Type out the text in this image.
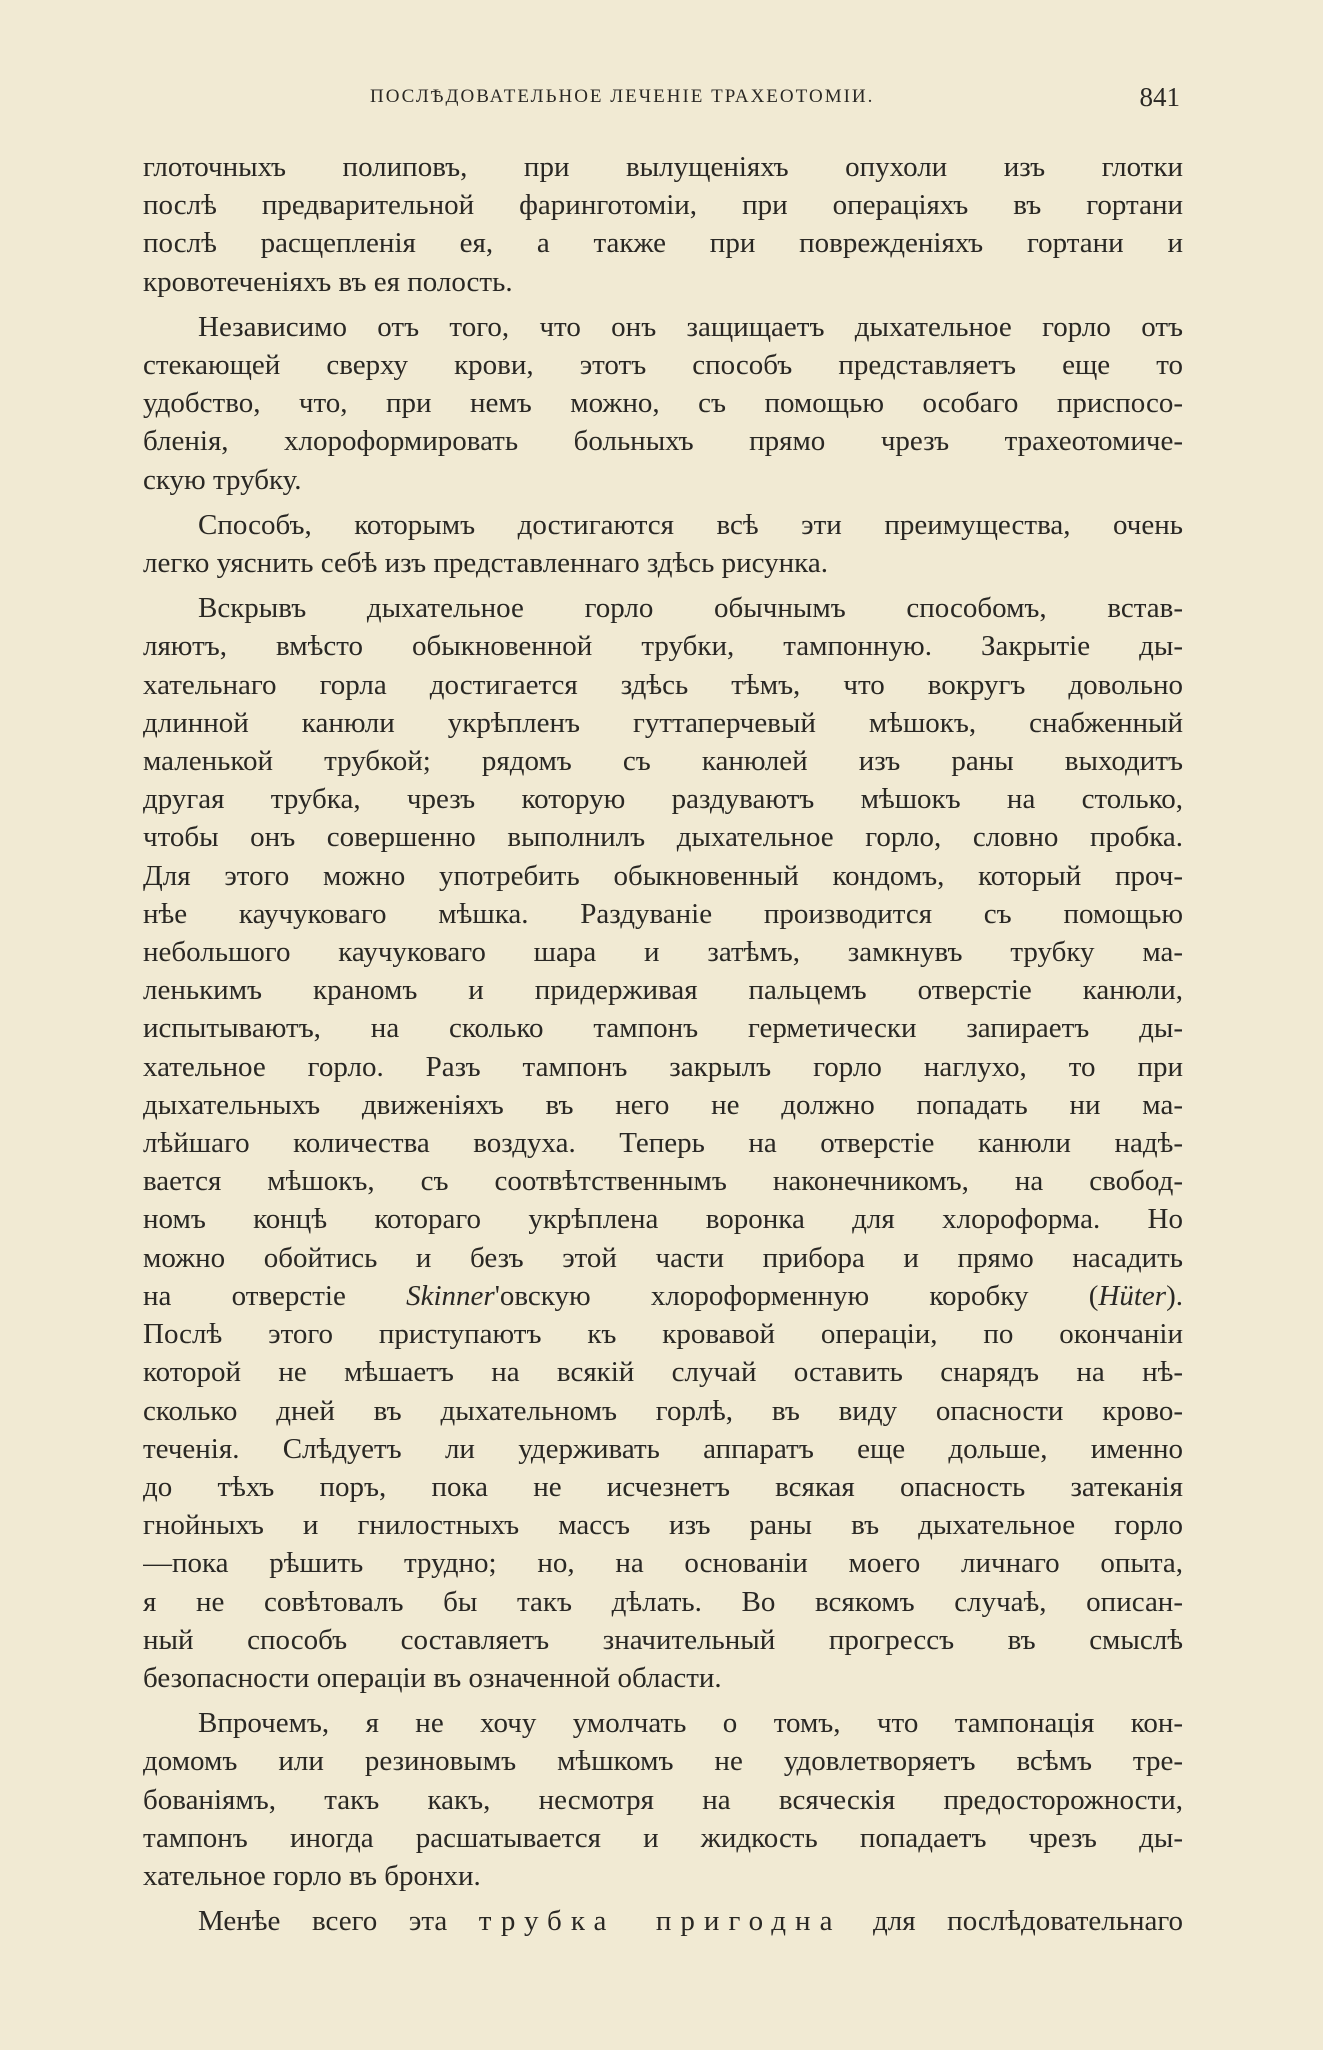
ПОСЛѢДОВАТЕЛЬНОЕ ЛЕЧЕНІЕ ТРАХЕОТОМІИ.	841

глоточныхъ полиповъ, при вылущеніяхъ опухоли изъ глотки
послѣ предварительной фаринготоміи, при операціяхъ въ гортани
послѣ расщепленія ея, а также при поврежденіяхъ гортани и
кровотеченіяхъ въ ея полость.

Независимо отъ того, что онъ защищаетъ дыхательное горло отъ
стекающей сверху крови, этотъ способъ представляетъ еще то
удобство, что, при немъ можно, съ помощью особаго приспосо-
бленія, хлороформировать больныхъ прямо чрезъ трахеотомиче-
скую трубку.

Способъ, которымъ достигаются всѣ эти преимущества, очень
легко уяснить себѣ изъ представленнаго здѣсь рисунка.

Вскрывъ дыхательное горло обычнымъ способомъ, встав-
ляютъ, вмѣсто обыкновенной трубки, тампонную. Закрытіе ды-
хательнаго горла достигается здѣсь тѣмъ, что вокругъ довольно
длинной канюли укрѣпленъ гуттаперчевый мѣшокъ, снабженный
маленькой трубкой; рядомъ съ канюлей изъ раны выходитъ
другая трубка, чрезъ которую раздуваютъ мѣшокъ на столько,
чтобы онъ совершенно выполнилъ дыхательное горло, словно пробка.
Для этого можно употребить обыкновенный кондомъ, который проч-
нѣе каучуковаго мѣшка. Раздуваніе производится съ помощью
небольшого каучуковаго шара и затѣмъ, замкнувъ трубку ма-
ленькимъ краномъ и придерживая пальцемъ отверстіе канюли,
испытываютъ, на сколько тампонъ герметически запираетъ ды-
хательное горло. Разъ тампонъ закрылъ горло наглухо, то при
дыхательныхъ движеніяхъ въ него не должно попадать ни ма-
лѣйшаго количества воздуха. Теперь на отверстіе канюли надѣ-
вается мѣшокъ, съ соотвѣтственнымъ наконечникомъ, на свобод-
номъ концѣ котораго укрѣплена воронка для хлороформа. Но
можно обойтись и безъ этой части прибора и прямо насадить
на отверстіе Skinner'овскую хлороформенную коробку (Hüter).
Послѣ этого приступаютъ къ кровавой операціи, по окончаніи
которой не мѣшаетъ на всякій случай оставить снарядъ на нѣ-
сколько дней въ дыхательномъ горлѣ, въ виду опасности крово-
теченія. Слѣдуетъ ли удерживать аппаратъ еще дольше, именно
до тѣхъ поръ, пока не исчезнетъ всякая опасность затеканія
гнойныхъ и гнилостныхъ массъ изъ раны въ дыхательное горло
—пока рѣшить трудно; но, на основаніи моего личнаго опыта,
я не совѣтовалъ бы такъ дѣлать. Во всякомъ случаѣ, описан-
ный способъ составляетъ значительный прогрессъ въ смыслѣ
безопасности операціи въ означенной области.

Впрочемъ, я не хочу умолчать о томъ, что тампонація кон-
домомъ или резиновымъ мѣшкомъ не удовлетворяетъ всѣмъ тре-
бованіямъ, такъ какъ, несмотря на всяческія предосторожности,
тампонъ иногда расшатывается и жидкость попадаетъ чрезъ ды-
хательное горло въ бронхи.

Менѣе всего эта трубка пригодна для послѣдовательнаго
